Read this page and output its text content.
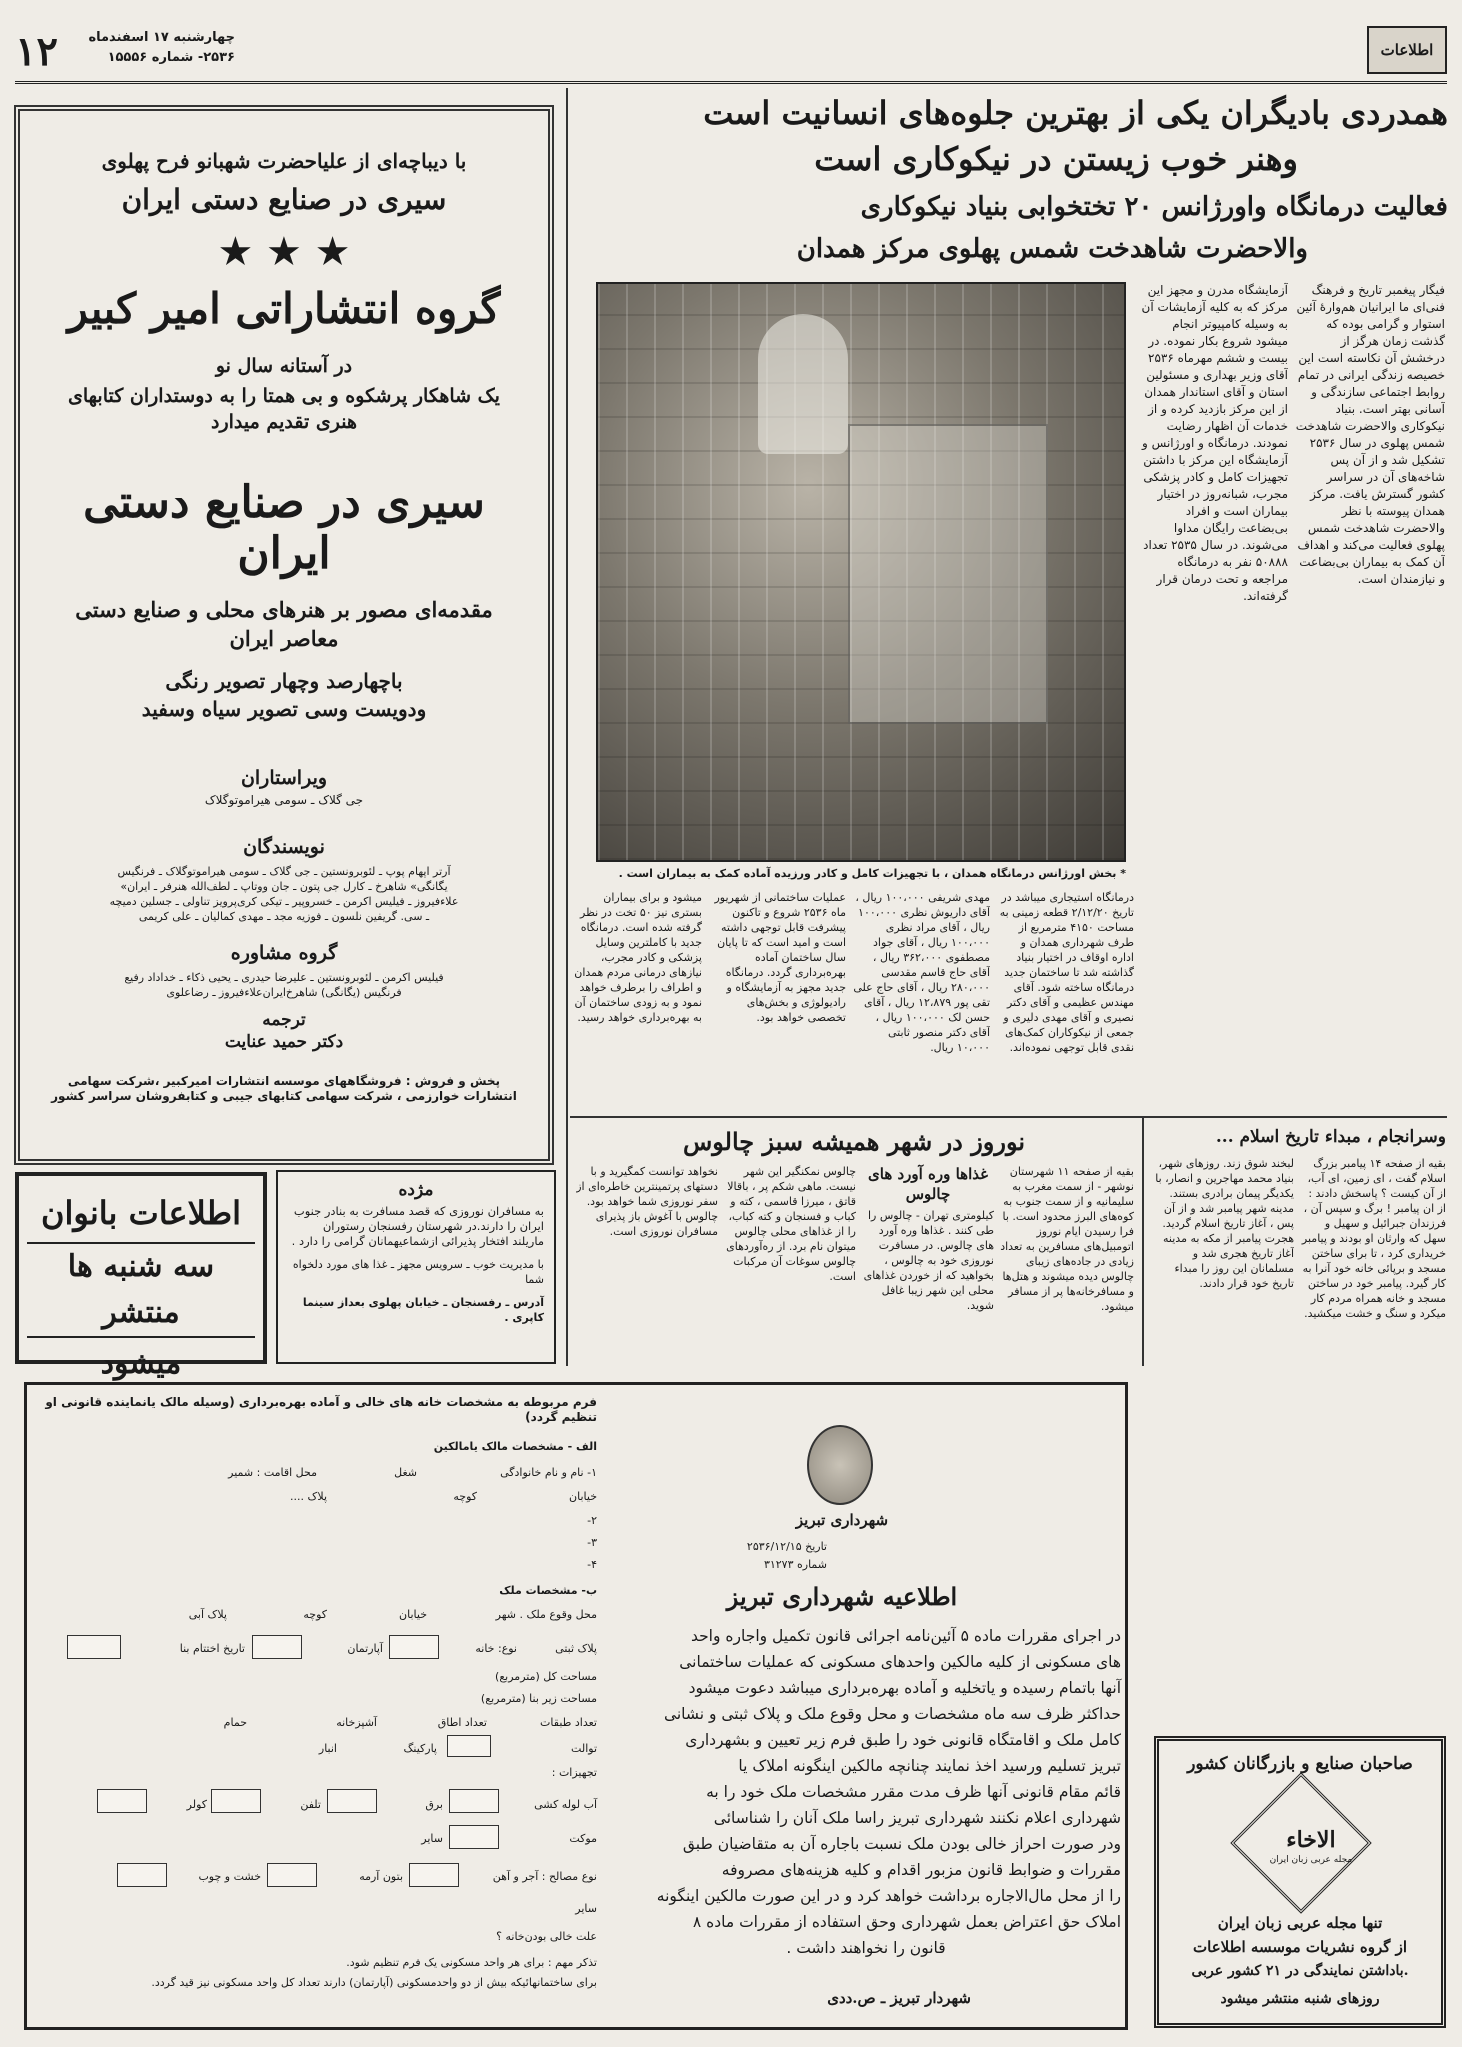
۱۲	چهارشنبه ۱۷ اسفندماه
۲۵۳۶- شماره ۱۵۵۵۶	اطلاعات
با دیباچه‌ای از علیاحضرت شهبانو فرح پهلوی
سیری در صنایع دستی ایران
★ ★ ★
گروه انتشاراتی امیر کبیر
در آستانه سال نو
یک شاهکار پرشکوه و بی همتا را به دوستداران کتابهای
هنری تقدیم میدارد
سیری در صنایع دستی ایران
مقدمه‌ای مصور بر هنرهای محلی و صنایع دستی
معاصر ایران
باچهارصد وچهار تصویر رنگی
ودویست وسی تصویر سیاه وسفید
ویراستاران
جی گلاک ـ سومی هیراموتوگلاک
نویسندگان
آرتر اپهام پوپ ـ لئوبرونستین ـ جی گلاک ـ سومی هیراموتوگلاک ـ فرنگیس
«یگانگی» شاهرخ ـ کارل جی پتون ـ جان ووتاپ ـ لطف‌الله هنرفر ـ ایران
علاءفیروز ـ فیلیس اکرمن ـ خسروپیر ـ تیکی کری‌پرویز تناولی ـ جسلین دمیچه
ـ سی. گریفین نلسون ـ فوزیه مجد ـ مهدی کمالیان ـ علی کریمی
گروه مشاوره
فیلیس اکرمن ـ لئوبرونستین ـ علیرضا حیدری ـ یحیی ذکاء ـ خداداد رفیع
فرنگیس (یگانگی) شاهرخ‌ایران‌علاءفیروز ـ رضاعلوی
ترجمه
دکتر حمید عنایت
پخش و فروش : فروشگاههای موسسه انتشارات امیرکبیر ،شرکت سهامی
انتشارات خوارزمی ، شرکت سهامی کتابهای جیبی و کتابفروشان سراسر کشور
اطلاعات بانوان
سه شنبه ها منتشر
میشود
مژده
به مسافران نوروزی که قصد مسافرت به بنادر جنوب ایران را دارند.در شهرستان رفسنجان رستوران ماریلند افتخار پذیرائی ازشماعیهمانان گرامی را دارد .
با مدیریت خوب ـ سرویس مجهز ـ غذا های مورد دلخواه شما
آدرس ـ رفسنجان ـ خیابان پهلوی بعداز سینما کاپری .
همدردی بادیگران یکی از بهترین جلوه‌های انسانیت است
وهنر خوب زیستن در نیکوکاری است
فعالیت درمانگاه واورژانس ۲۰ تختخوابی بنیاد نیکوکاری
والاحضرت شاهدخت شمس پهلوی مرکز همدان
فیگار پیغمبر تاریخ و فرهنگ فنی‌ای ما ایرانیان هم‌وارهٔ آئین استوار و گرامی بوده که گذشت زمان هرگز از درخشش آن نکاسته است این خصیصه زندگی ایرانی در تمام روابط اجتماعی سازندگی و آسانی بهتر است. بنیاد نیکوکاری والاحضرت شاهدخت شمس پهلوی در سال ۲۵۳۶ تشکیل شد و از آن پس شاخه‌های آن در سراسر کشور گسترش یافت. مرکز همدان پیوسته با نظر والاحضرت شاهدخت شمس پهلوی فعالیت می‌کند و اهداف آن کمک به بیماران بی‌بضاعت و نیازمندان است.
آزمایشگاه مدرن و مجهز این مرکز که به کلیه آزمایشات آن به وسیله کامپیوتر انجام میشود شروع بکار نموده. در بیست و ششم مهرماه ۲۵۳۶ آقای وزیر بهداری و مسئولین استان و آقای استاندار همدان از این مرکز بازدید کرده و از خدمات آن اظهار رضایت نمودند. درمانگاه و اورژانس و آزمایشگاه این مرکز با داشتن تجهیزات کامل و کادر پزشکی مجرب، شبانه‌روز در اختیار بیماران است و افراد بی‌بضاعت رایگان مداوا می‌شوند. در سال ۲۵۳۵ تعداد ۵۰۸۸۸ نفر به درمانگاه مراجعه و تحت درمان قرار گرفته‌اند.
* بخش اورژانس درمانگاه همدان ، با تجهیزات کامل و کادر ورزیده آماده کمک به بیماران است .
درمانگاه استیجاری میباشد در تاریخ ۲/۱۲/۲۰ قطعه زمینی به مساحت ۴۱۵۰ مترمربع از طرف شهرداری همدان و اداره اوقاف در اختیار بنیاد گذاشته شد تا ساختمان جدید درمانگاه ساخته شود. آقای مهندس عظیمی و آقای دکتر نصیری و آقای مهدی دلیری و جمعی از نیکوکاران کمک‌های نقدی قابل توجهی نموده‌اند.
مهدی شریفی ۱۰۰،۰۰۰ ریال ، آقای داریوش نظری ۱۰۰،۰۰۰ ریال ، آقای مراد نظری ۱۰۰،۰۰۰ ریال ، آقای جواد مصطفوی ۳۶۲،۰۰۰ ریال ، آقای حاج قاسم مقدسی ۲۸۰،۰۰۰ ریال ، آقای حاج علی تقی پور ۱۲،۸۷۹ ریال ، آقای حسن لک ۱۰۰،۰۰۰ ریال ، آقای دکتر منصور ثابتی ۱۰،۰۰۰ ریال.
عملیات ساختمانی از شهریور ماه ۲۵۳۶ شروع و تاکنون پیشرفت قابل توجهی داشته است و امید است که تا پایان سال ساختمان آماده بهره‌برداری گردد. درمانگاه جدید مجهز به آزمایشگاه و رادیولوژی و بخش‌های تخصصی خواهد بود.
میشود و برای بیماران بستری نیز ۵۰ تخت در نظر گرفته شده است. درمانگاه جدید با کاملترین وسایل پزشکی و کادر مجرب، نیازهای درمانی مردم همدان و اطراف را برطرف خواهد نمود و به زودی ساختمان آن به بهره‌برداری خواهد رسید.
نوروز در شهر همیشه سبز چالوس
بقیه از صفحه ۱۱ شهرستان نوشهر - از سمت مغرب به سلیمانیه و از سمت جنوب به کوه‌های البرز محدود است. با فرا رسیدن ایام نوروز اتومبیل‌های مسافرین به تعداد زیادی در جاده‌های زیبای چالوس دیده میشوند و هتل‌ها و مسافرخانه‌ها پر از مسافر میشود.
غذاها وره آورد های چالوس
کیلومتری تهران - چالوس را طی کنند . غذاها وره آورد های چالوس. در مسافرت نوروزی خود به چالوس ، بخواهید که از خوردن غذاهای محلی این شهر زیبا غافل شوید.
چالوس نمکنگیر این شهر نیست. ماهی شکم پر ، باقالا قاتق ، میرزا قاسمی ، کته و کباب و فسنجان و کته کباب، را از غذاهای محلی چالوس میتوان نام برد. از ره‌آوردهای چالوس سوغات آن مرکبات است.
نخواهد توانست کمگیرید و با دستهای پرتمینترین خاطره‌ای از سفر نوروزی شما خواهد بود. چالوس با آغوش باز پذیرای مسافران نوروزی است.
وسرانجام ، مبداء تاریخ اسلام ...
بقیه از صفحه ۱۴ پیامبر بزرگ اسلام گفت ، ای زمین، ای آب، از آن کیست ؟ پاسخش دادند : از ان پیامبر ! برگ و سپس آن ، فرزندان جبرائیل و سهیل و سهل که وارثان او بودند و پیامبر خریداری کرد ، تا برای ساختن مسجد و برپائی خانه خود آنرا به کار گیرد. پیامبر خود در ساختن مسجد و خانه همراه مردم کار میکرد و سنگ و خشت میکشید.
لبخند شوق زند. روزهای شهر، بنیاد محمد مهاجرین و انصار، با یکدیگر پیمان برادری بستند. مدینه شهر پیامبر شد و از آن پس ، آغاز تاریخ اسلام گردید. هجرت پیامبر از مکه به مدینه آغاز تاریخ هجری شد و مسلمانان این روز را مبداء تاریخ خود قرار دادند.
فرم مربوطه به مشخصات خانه های خالی و آماده بهره‌برداری (وسیله مالک یانماینده قانونی او تنظیم گردد)
الف - مشخصات مالک یامالکین
۱- نام و نام خانوادگی
شغل
محل اقامت : شمیر
خیابان
کوچه
پلاک ....
۲-
۳-
۴-
ب- مشخصات ملک
محل وقوع ملک . شهر
خیابان
کوچه
پلاک آبی
پلاک ثبتی
نوع: خانه
آپارتمان
تاریخ اختتام بنا
مساحت کل (مترمربع)
مساحت زیر بنا (مترمربع)
تعداد طبقات
تعداد اطاق
آشپزخانه
حمام
توالت
پارکینگ
انبار
تجهیزات :
آب لوله کشی
برق
تلفن
کولر
موکت
سایر
نوع مصالح : آجر و آهن
بتون آرمه
خشت و چوب
سایر
علت خالی بودن‌خانه ؟
تذکر مهم : برای هر واحد مسکونی یک فرم تنظیم شود.
برای ساختمانهائیکه بیش از دو واحدمسکونی (آپارتمان) دارند تعداد کل واحد مسکونی نیز قید گردد.
شهرداری تبریز
تاریخ ۲۵۳۶/۱۲/۱۵
شماره ۳۱۲۷۳
اطلاعیه شهرداری تبریز
در اجرای مقررات ماده ۵ آئین‌نامه اجرائی قانون تکمیل واجاره واحد
های مسکونی از کلیه مالکین واحدهای مسکونی که عملیات ساختمانی
آنها باتمام رسیده و یاتخلیه و آماده بهره‌برداری میباشد دعوت میشود
حداکثر ظرف سه ماه مشخصات و محل وقوع ملک و پلاک ثبتی و نشانی
کامل ملک و اقامتگاه قانونی خود را طبق فرم زیر تعیین و بشهرداری
تبریز تسلیم ورسید اخذ نمایند چنانچه مالکین اینگونه املاک یا
قائم مقام قانونی آنها ظرف مدت مقرر مشخصات ملک خود را به
شهرداری اعلام نکنند شهرداری تبریز راسا ملک آنان را شناسائی
ودر صورت احراز خالی بودن ملک نسبت باجاره آن به متقاضیان طبق
مقررات و ضوابط قانون مزبور اقدام و کلیه هزینه‌های مصروفه
را از محل مال‌الاجاره برداشت خواهد کرد و در این صورت مالکین اینگونه
املاک حق اعتراض بعمل شهرداری وحق استفاده از مقررات ماده ۸
قانون را نخواهند داشت .
شهردار تبریز ـ ص.ددی
صاحبان صنایع و بازرگانان کشور
الاخاء
مجله عربی زبان ایران
تنها مجله عربی زبان ایران
از گروه نشریات موسسه اطلاعات
باداشتن نمایندگی در ۲۱ کشور عربی.
روزهای شنبه منتشر میشود
